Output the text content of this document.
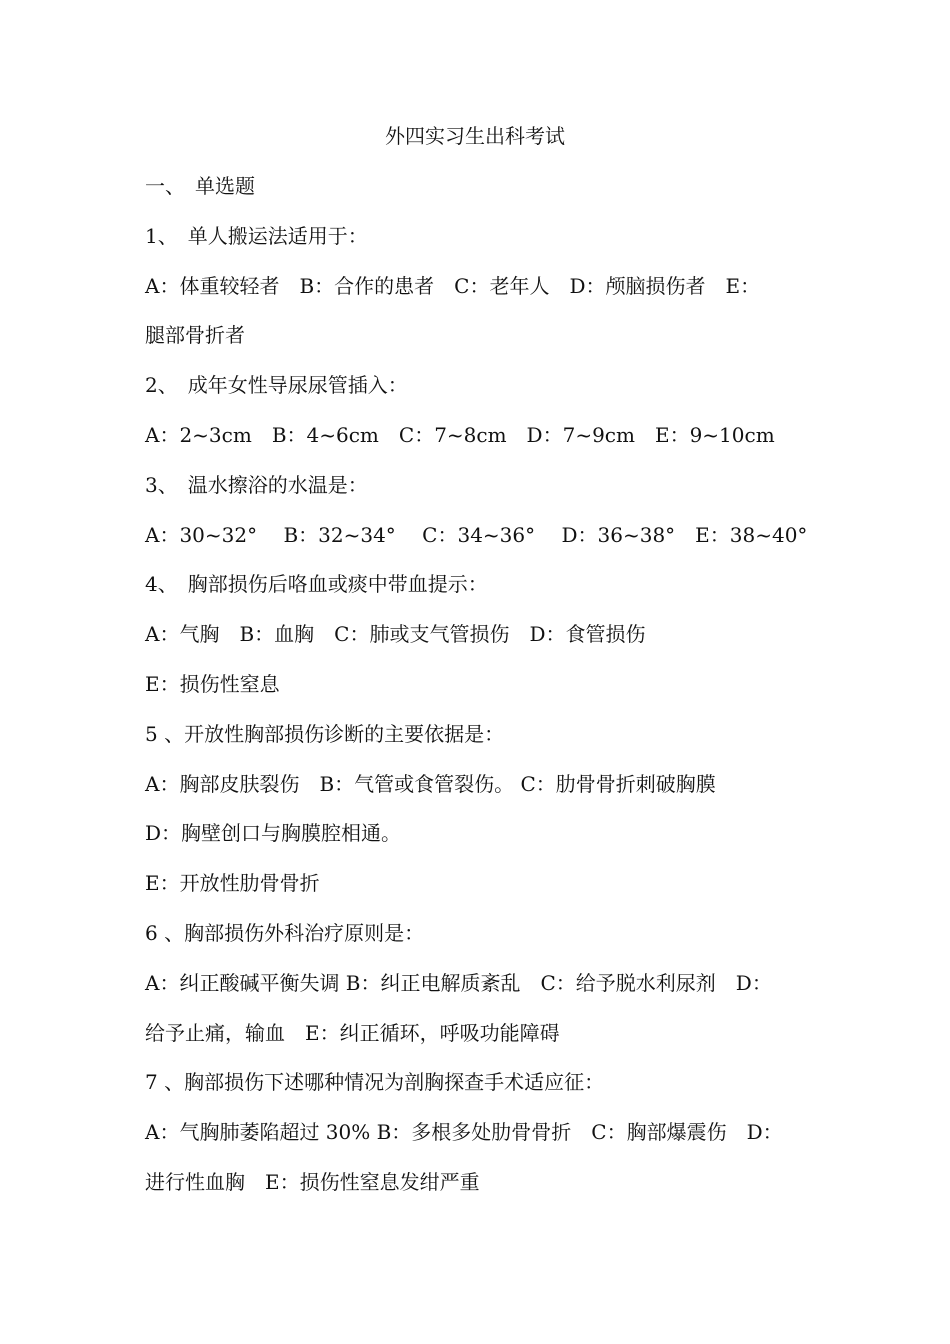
外四实习生出科考试

一、　单选题

1、　单人搬运法适用于：

A：体重较轻者　B：合作的患者　C：老年人　D：颅脑损伤者　E：

腿部骨折者

2、　成年女性导尿尿管插入：

A：2~3cm　B：4~6cm　C：7~8cm　D：7~9cm　E：9~10cm

3、　温水擦浴的水温是：

A：30~32°　 B：32~34°　 C：34~36°　 D：36~38°　E：38~40°

4、　胸部损伤后咯血或痰中带血提示：

A：气胸　B：血胸　C：肺或支气管损伤　D：食管损伤

E：损伤性窒息

5 、开放性胸部损伤诊断的主要依据是：

A：胸部皮肤裂伤　B：气管或食管裂伤。 C：肋骨骨折刺破胸膜

D：胸壁创口与胸膜腔相通。

E：开放性肋骨骨折

6 、胸部损伤外科治疗原则是：

A：纠正酸碱平衡失调 B：纠正电解质紊乱　C：给予脱水利尿剂　D：

给予止痛，输血　E：纠正循环，呼吸功能障碍

7 、胸部损伤下述哪种情况为剖胸探查手术适应征：

A：气胸肺萎陷超过 30% B：多根多处肋骨骨折　C：胸部爆震伤　D：

进行性血胸　E：损伤性窒息发绀严重
